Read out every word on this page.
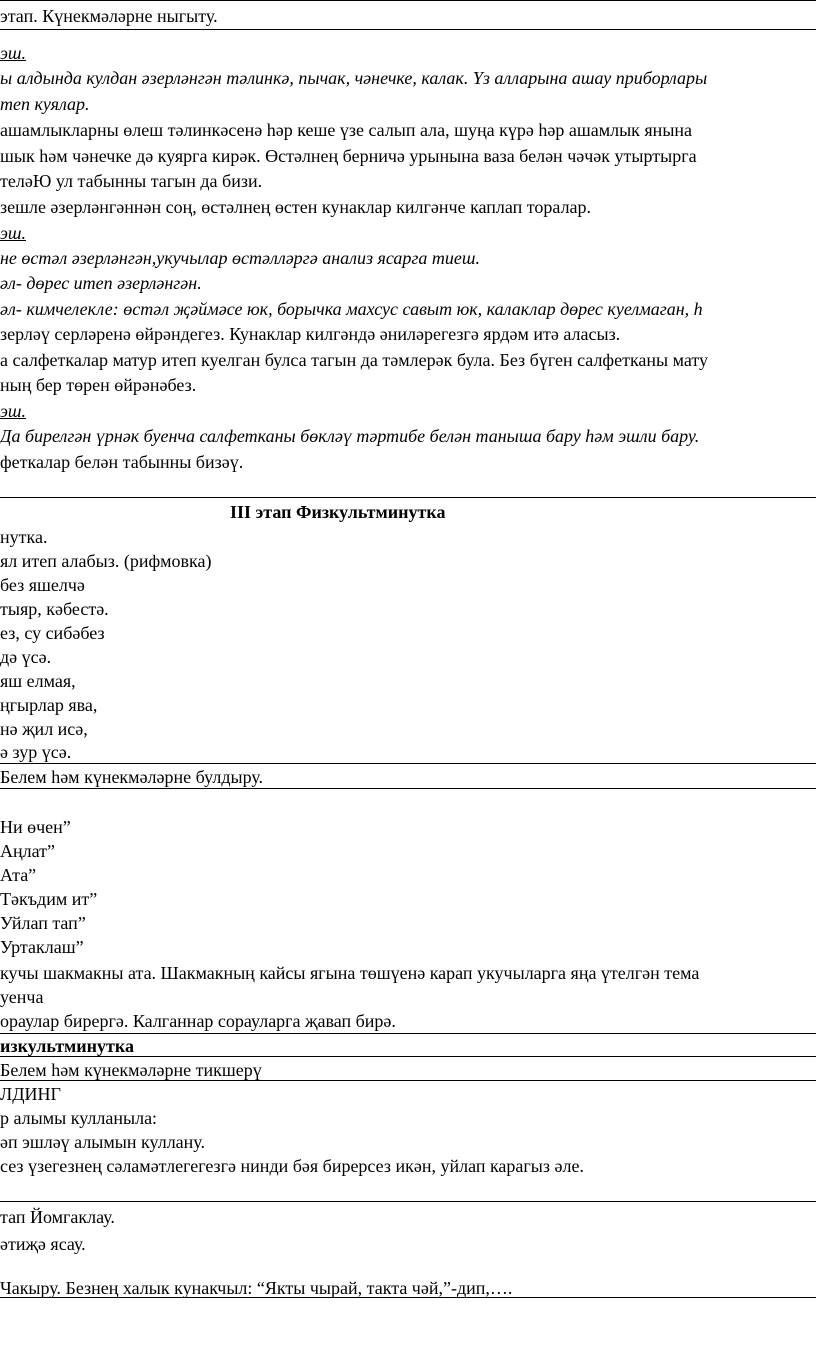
этап. Күнекмәләрне ныгыту.
эш.
ы алдында кулдан әзерләнгән тәлинкә, пычак, чәнечке, калак. Үз алларына ашау приборлары
теп куялар.
ашамлыкларны өлеш тәлинкәсенә һәр кеше үзе салып ала, шуңа күрә һәр ашамлык янына
шык һәм чәнечке дә куярга кирәк. Өстәлнең берничә урынына ваза белән чәчәк утыртырга
теләЮ ул табынны тагын да бизи.
зешле әзерләнгәннән соң, өстәлнең өстен кунаклар килгәнче каплап торалар.
эш.
не өстәл әзерләнгән,укучылар өстәлләргә анализ ясарга тиеш.
әл- дөрес итеп әзерләнгән.
әл- кимчелекле: өстәл җәймәсе юк, борычка махсус савыт юк, калаклар дөрес куелмаган, һ
зерләү серләренә өйрәндегез. Кунаклар килгәндә әниләрегезгә ярдәм итә аласыз.
а салфеткалар матур итеп куелган булса тагын да тәмлерәк була. Без бүген салфетканы мату
ның бер төрен өйрәнәбез.
эш.
Да бирелгән үрнәк буенча салфетканы бөкләү тәртибе белән таныша бару һәм эшли бару.
феткалар белән табынны бизәү.
III этап Физкультминутка
нутка.
ял итеп алабыз. (рифмовка)
без яшелчә
тыяр, кәбестә.
ез, су сибәбез
дә үсә.
яш елмая,
ңгырлар ява,
нә җил исә,
ә зур үсә.
Белем һәм күнекмәләрне булдыру.
Ни өчен”
Аңлат”
Ата”
Тәкъдим ит”
Уйлап тап”
Уртаклаш”
кучы шакмакны ата. Шакмакның кайсы ягына төшүенә карап укучыларга яңа үтелгән тема
уенча
ораулар бирергә. Калганнар сорауларга җавап бирә.
изкультминутка
Белем һәм күнекмәләрне тикшерү
ЛДИНГ
р алымы кулланыла:
әп эшләү алымын куллану.
сез үзегезнең сәламәтлегегезгә нинди бәя бирерсез икән, уйлап карагыз әле.
тап Йомгаклау.
әтиҗә ясау.
Чакыру. Безнең халык кунакчыл: “Якты чырай, такта чәй,”-дип,….
